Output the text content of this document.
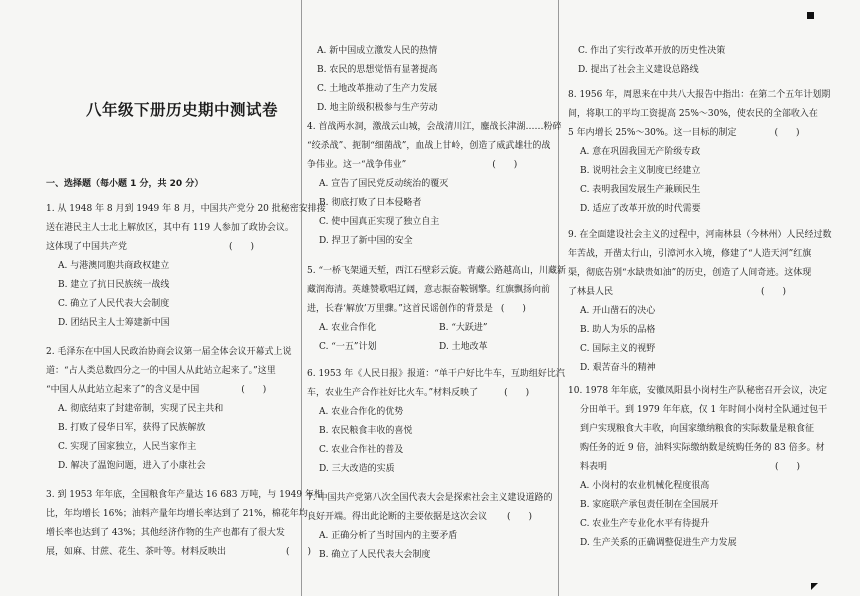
八年级下册历史期中测试卷
一、选择题（每小题 1 分，共 20 分）
1. 从 1948 年 8 月到 1949 年 8 月，中国共产党分 20 批秘密安排接
送在港民主人士北上解放区，其中有 119 人参加了政协会议。
这体现了中国共产党	(　　)
A. 与港澳同胞共商政权建立
B. 建立了抗日民族统一战线
C. 确立了人民代表大会制度
D. 团结民主人士筹建新中国
2. 毛泽东在中国人民政治协商会议第一届全体会议开幕式上说
道：“占人类总数四分之一的中国人从此站立起来了。”这里
“中国人从此站立起来了”的含义是中国	(　　)
A. 彻底结束了封建帝制，实现了民主共和
B. 打败了侵华日军，获得了民族解放
C. 实现了国家独立，人民当家作主
D. 解决了温饱问题，进入了小康社会
3. 到 1953 年年底，全国粮食年产量达 16 683 万吨，与 1949 年相
比，年均增长 16%；油料产量年均增长率达到了 21%，棉花年均
增长率也达到了 43%；其他经济作物的生产也都有了很大发
展，如麻、甘蔗、花生、茶叶等。材料反映出	(　　)
A. 新中国成立激发人民的热情
B. 农民的思想觉悟有显著提高
C. 土地改革推动了生产力发展
D. 地主阶级积极参与生产劳动
4. 首战两水洞，激战云山城，会战清川江，鏖战长津湖……粉碎
“绞杀战”、扼制“细菌战”，血战上甘岭，创造了威武雄壮的战
争伟业。这一“战争伟业”	(　　)
A. 宣告了国民党反动统治的覆灭
B. 彻底打败了日本侵略者
C. 使中国真正实现了独立自主
D. 捍卫了新中国的安全
5. “一桥飞架通天堑，西江石壁彩云旋。青藏公路越高山，川藏新
藏润海清。英雄赞歌唱辽阔，意志振奋鞍钢擎。红旗飘扬向前
进，长春‘解放’万里骤。”这首民谣创作的背景是 (　　)
A. 农业合作化	B. “大跃进”
C. “一五”计划	D. 土地改革
6. 1953 年《人民日报》报道：“单干户好比牛车，互助组好比汽
车，农业生产合作社好比火车。”材料反映了	(　　)
A. 农业合作化的优势
B. 农民粮食丰收的喜悦
C. 农业合作社的普及
D. 三大改造的实质
7. 中国共产党第八次全国代表大会是探索社会主义建设道路的
良好开端。得出此论断的主要依据是这次会议 (　　)
A. 正确分析了当时国内的主要矛盾
B. 确立了人民代表大会制度
C. 作出了实行改革开放的历史性决策
D. 提出了社会主义建设总路线
8. 1956 年，周恩来在中共八大报告中指出：在第二个五年计划期
间，将职工的平均工资提高 25%～30%，使农民的全部收入在
5 年内增长 25%～30%。这一目标的制定	(　　)
A. 意在巩固我国无产阶级专政
B. 说明社会主义制度已经建立
C. 表明我国发展生产兼顾民生
D. 适应了改革开放的时代需要
9. 在全面建设社会主义的过程中，河南林县（今林州）人民经过数
年苦战，开凿太行山，引漳河水入境，修建了“人造天河”红旗
渠，彻底告别“水缺贵如油”的历史，创造了人间奇迹。这体现
了林县人民	(　　)
A. 开山凿石的决心
B. 助人为乐的品格
C. 国际主义的视野
D. 艰苦奋斗的精神
10. 1978 年年底，安徽凤阳县小岗村生产队秘密召开会议，决定
分田单干。到 1979 年年底，仅 1 年时间小岗村全队通过包干
到户实现粮食大丰收，向国家缴纳粮食的实际数量是粮食征
购任务的近 9 倍，油料实际缴纳数是统购任务的 83 倍多。材
料表明	(　　)
A. 小岗村的农业机械化程度很高
B. 家庭联产承包责任制在全国展开
C. 农业生产专业化水平有待提升
D. 生产关系的正确调整促进生产力发展
